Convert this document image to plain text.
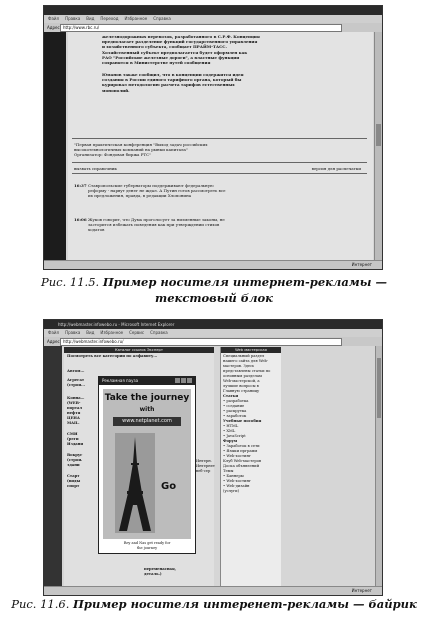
Файл Правка Вид Переход Избранное Справка
Адрес http://www.rbc.ru/
железнодорожных перевозок, разработанного в С.Р.Ф. Концепция
предполагает разделение функций государственного управления
и хозяйственного субъекта, сообщает ПРАЙМ-ТАСС.
Хозяйственный субъект предполагается будет оформлен как
РАО "Российские железные дороги", а властные функции
сохранятся в Министерстве путей сообщения
Юманов также сообщил, что в концепции содержится идея
создания в России единого тарифного органа, который бы
курировал методологию расчета тарифов естественных
монополий.
"Первая практическая конференция "Выход задач российских
высокотехнологичных компаний на рынки капитала"
Организатор: Фондовая биржа РТС"
вызвать справочник	версия для распечатки
16:37 Ставропольские губернаторы поддерживают федеральную
реформу - нарвут денег не ждал. А Путин готов рассмотреть все
их предложения, правда, в редакции Хлопонина
16:06 Жуков говорит, что Дума проголосует за низменные законы, не
засторится избежать поведения как при утверждении стихов
ходатов
Интернет
Рис. 11.5. Пример носителя интернет-рекламы —
текстовый блок
http://webmaster.infowebo.ru - Microsoft Internet Explorer
Файл Правка Вид Избранное Сервис Справка
Адрес http://webmaster.infowebo.ru/
Каталог ссылок Эксперт
Посмотреть все категории по алфавиту...
Автом...
Агрегат
(строи...
Конна...
(WEB-
портал
нефтя
ЦЕНА
MAIL.
СМИ
(реги
Издани
Вокруг
(строи.
здани
Старт
(виды
спорт
Интерн.
Интернет
веб-сер
переменасная,
деталь.)
Web мастерская
Специальный раздел
нашего сайта для Web-
мастеров. Здесь
представлены статьи по
основным разделам
Web-мастерской, а
лучшие вопросы в
Главную страницу
Статьи
• разработка
• создание
• раскрутка
• заработок
Учебные пособия
• HTML
• XML
• JavaScript
Форум
• Заработок в сети
• Языки прграмм
• Web-хостинг
Клуб Web-мастеров
Доска объявлений
Темы
• Баннеры
• Web-хостинг
• Web-дизайн
(услуги)
Рекламная пауза
Take the journey
with
www.netplanet.com
Go
Rey and Nas get ready for
the journey
Интернет
Рис. 11.6. Пример носителя интеренет-рекламы — байрик
